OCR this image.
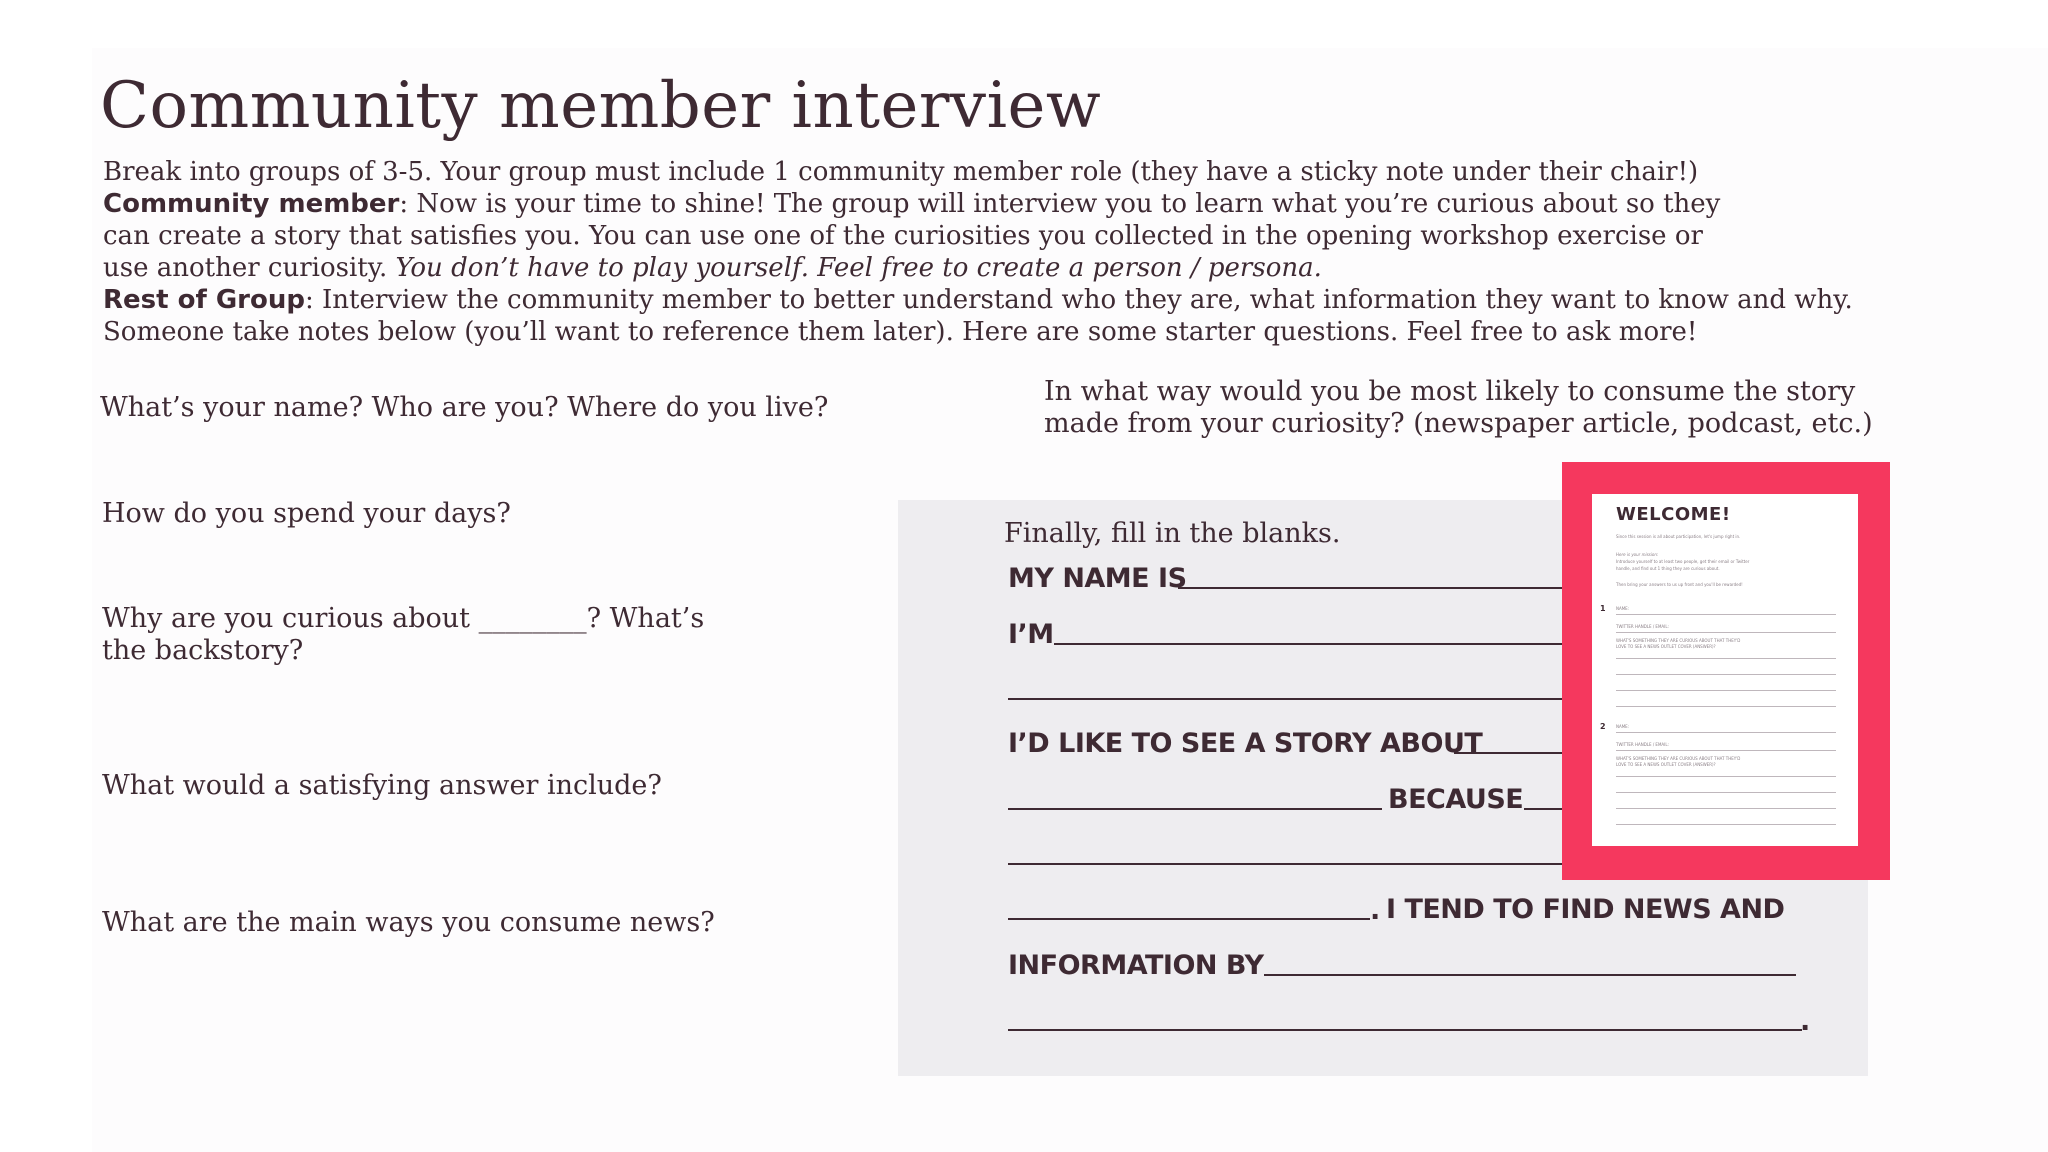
Community member interview

Break into groups of 3-5. Your group must include 1 community member role (they have a sticky note under their chair!)

Community member: Now is your time to shine! The group will interview you to learn what you’re curious about so they can create a story that satisfies you. You can use one of the curiosities you collected in the opening workshop exercise or use another curiosity. You don’t have to play yourself. Feel free to create a person / persona.

Rest of Group: Interview the community member to better understand who they are, what information they want to know and why. Someone take notes below (you’ll want to reference them later). Here are some starter questions. Feel free to ask more!

What’s your name? Who are you? Where do you live?
How do you spend your days?
Why are you curious about ________? What’s
the backstory?
What would a satisfying answer include?
What are the main ways you consume news?
In what way would you be most likely to consume the story
made from your curiosity? (newspaper article, podcast, etc.)
Finally, fill in the blanks.
MY NAME IS
I’M
I’D LIKE TO SEE A STORY ABOUT
BECAUSE
. I TEND TO FIND NEWS AND
INFORMATION BY
.
WELCOME!
Since this session is all about participation, let's jump right in.
Here is your mission:
Introduce yourself to at least two people, get their email or Twitter
handle, and find out 1 thing they are curious about.
Then bring your answers to us up front and you'll be rewarded!
1	NAME:
TWITTER HANDLE / EMAIL:
WHAT'S SOMETHING THEY ARE CURIOUS ABOUT THAT THEY'D
LOVE TO SEE A NEWS OUTLET COVER (ANSWER)?
2	NAME:
TWITTER HANDLE / EMAIL:
WHAT'S SOMETHING THEY ARE CURIOUS ABOUT THAT THEY'D
LOVE TO SEE A NEWS OUTLET COVER (ANSWER)?
